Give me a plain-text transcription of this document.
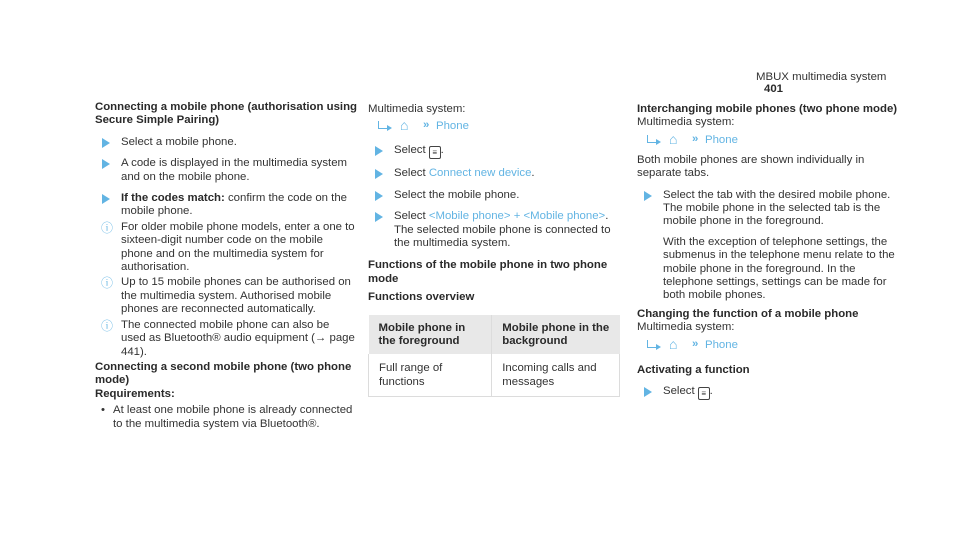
MBUX multimedia system 401
Connecting a mobile phone (authorisation using Secure Simple Pairing)
Select a mobile phone.
A code is displayed in the multimedia system and on the mobile phone.
If the codes match: confirm the code on the mobile phone.
ⓘ For older mobile phone models, enter a one to sixteen-digit number code on the mobile phone and on the multimedia system for authorisation.
ⓘ Up to 15 mobile phones can be authorised on the multimedia system. Authorised mobile phones are reconnected automatically.
ⓘ The connected mobile phone can also be used as Bluetooth® audio equipment (→ page 441).
Connecting a second mobile phone (two phone mode)
Requirements:
• At least one mobile phone is already connected to the multimedia system via Bluetooth®.
Multimedia system:
⌂ » Phone
Select ≡ .
Select Connect new device.
Select the mobile phone.
Select <Mobile phone> + <Mobile phone>. The selected mobile phone is connected to the multimedia system.
Functions of the mobile phone in two phone mode
Functions overview
Mobile phone in the foreground	Mobile phone in the background
Full range of functions	Incoming calls and messages
Interchanging mobile phones (two phone mode)
Multimedia system:
⌂ » Phone
Both mobile phones are shown individually in separate tabs.
Select the tab with the desired mobile phone.
The mobile phone in the selected tab is the mobile phone in the foreground.
With the exception of telephone settings, the submenus in the telephone menu relate to the mobile phone in the foreground. In the telephone settings, settings can be made for both mobile phones.
Changing the function of a mobile phone
Multimedia system:
⌂ » Phone
Activating a function
Select ≡ .
